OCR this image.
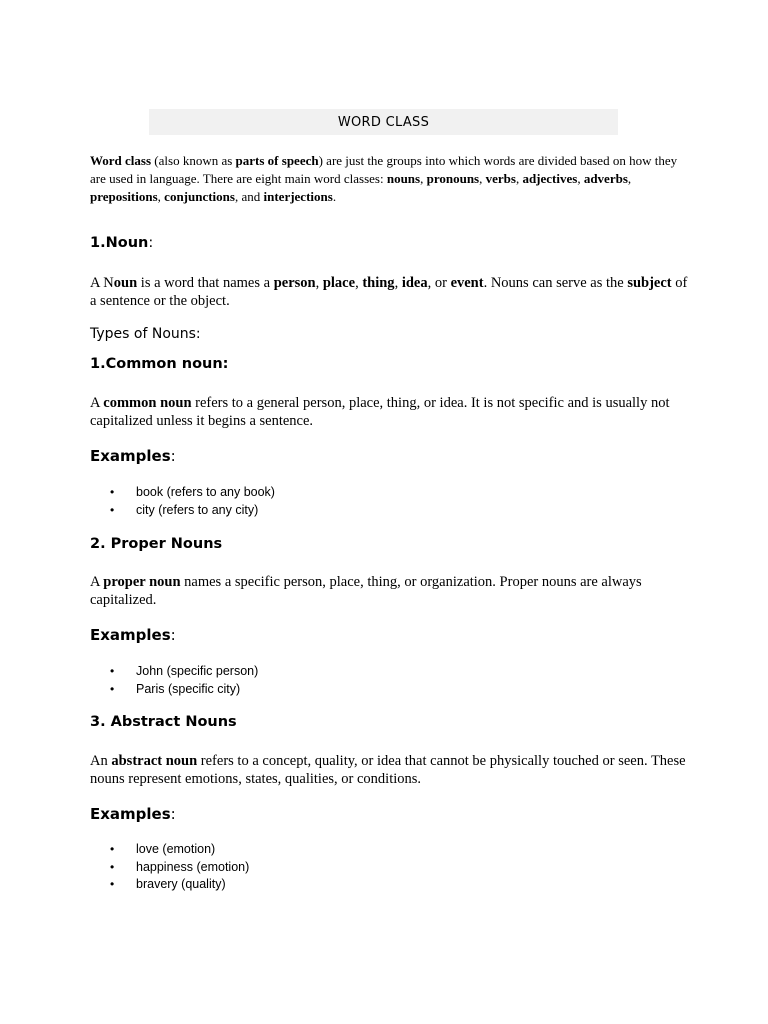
WORD CLASS

Word class (also known as parts of speech) are just the groups into which words are divided based on how they are used in language. There are eight main word classes: nouns, pronouns, verbs, adjectives, adverbs, prepositions, conjunctions, and interjections.

1.Noun:

A Noun is a word that names a person, place, thing, idea, or event. Nouns can serve as the subject of a sentence or the object.

Types of Nouns:

1.Common noun:

A common noun refers to a general person, place, thing, or idea. It is not specific and is usually not capitalized unless it begins a sentence.

Examples:

• book (refers to any book)
• city (refers to any city)

2. Proper Nouns

A proper noun names a specific person, place, thing, or organization. Proper nouns are always capitalized.

Examples:

• John (specific person)
• Paris (specific city)

3. Abstract Nouns

An abstract noun refers to a concept, quality, or idea that cannot be physically touched or seen. These nouns represent emotions, states, qualities, or conditions.

Examples:

• love (emotion)
• happiness (emotion)
• bravery (quality)
